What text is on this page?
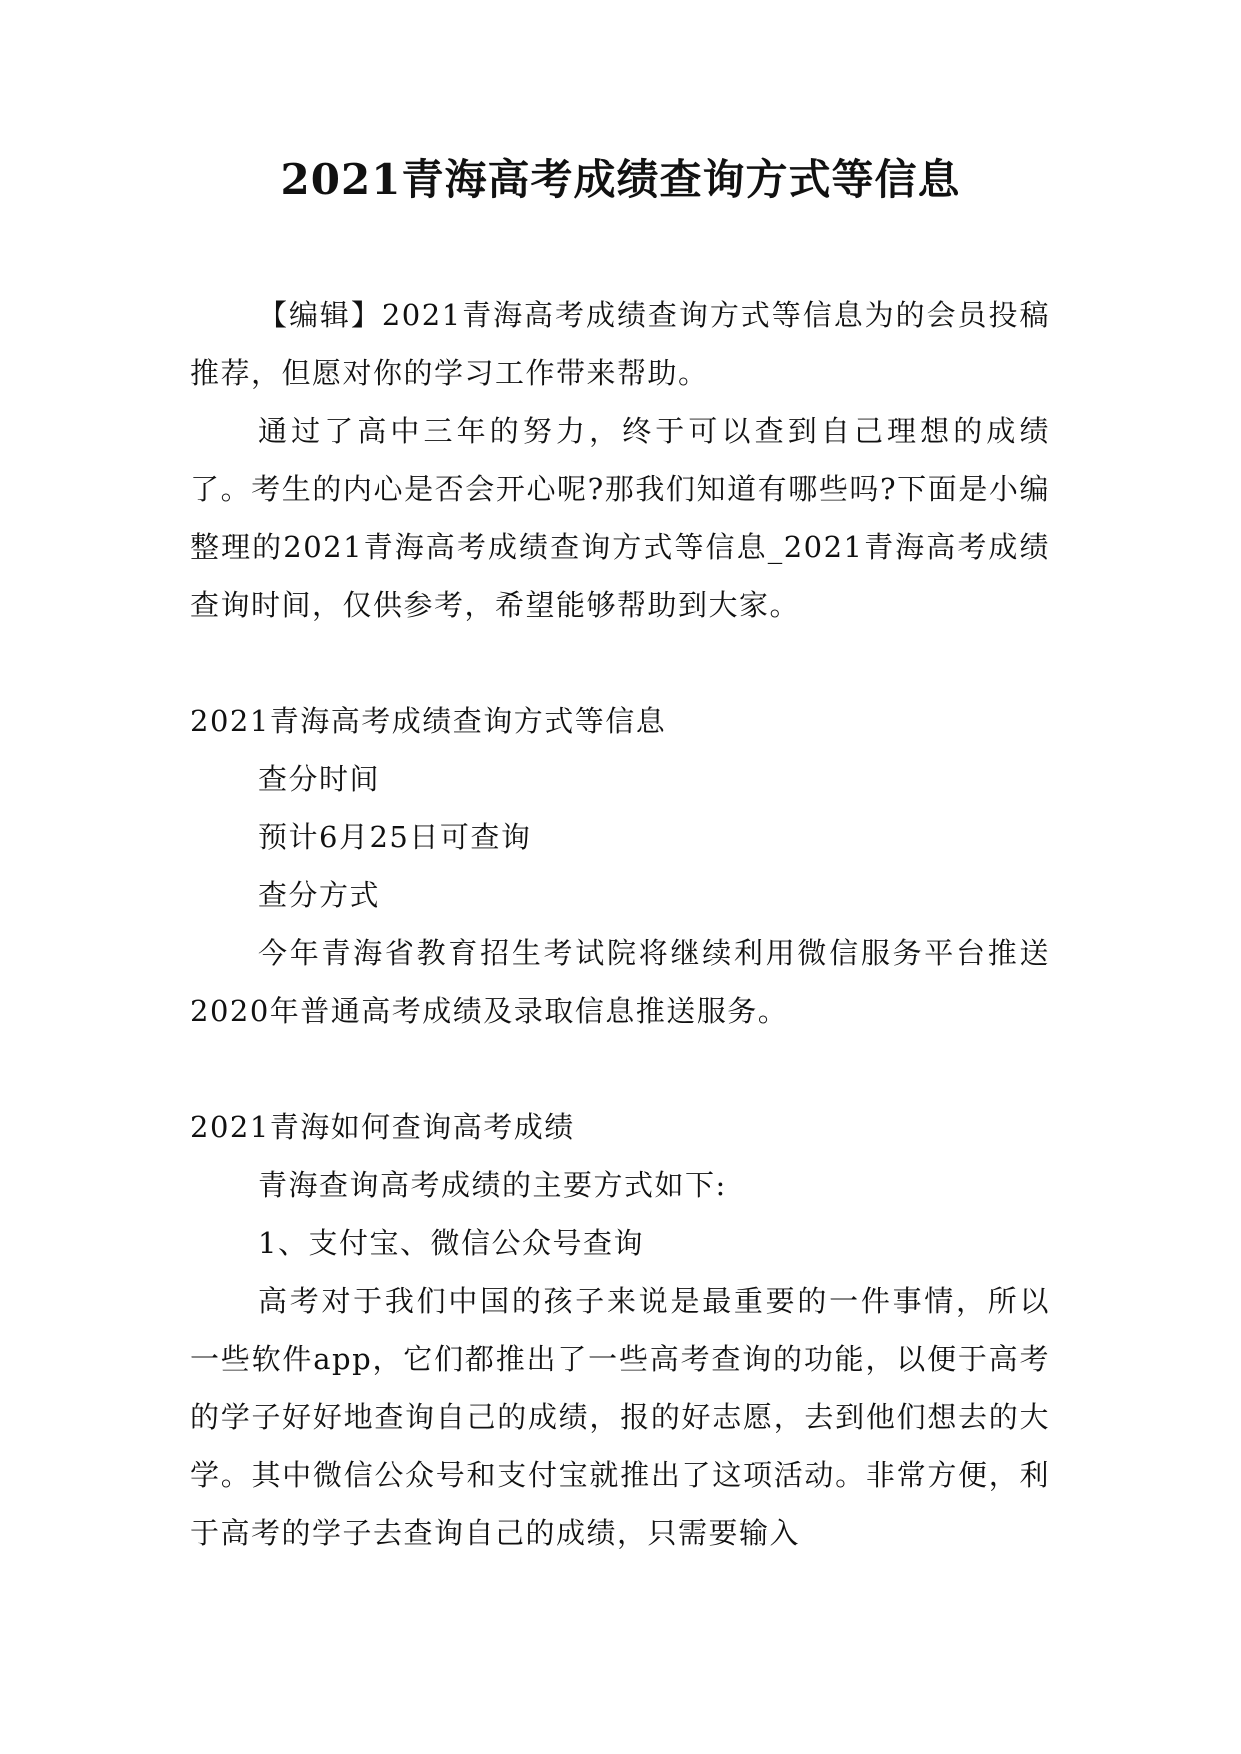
2021青海高考成绩查询方式等信息

【编辑】2021青海高考成绩查询方式等信息为的会员投稿推荐，但愿对你的学习工作带来帮助。

通过了高中三年的努力，终于可以查到自己理想的成绩了。考生的内心是否会开心呢?那我们知道有哪些吗?下面是小编整理的2021青海高考成绩查询方式等信息_2021青海高考成绩查询时间，仅供参考，希望能够帮助到大家。

2021青海高考成绩查询方式等信息

查分时间

预计6月25日可查询

查分方式

今年青海省教育招生考试院将继续利用微信服务平台推送2020年普通高考成绩及录取信息推送服务。

2021青海如何查询高考成绩

青海查询高考成绩的主要方式如下:

1、支付宝、微信公众号查询

高考对于我们中国的孩子来说是最重要的一件事情，所以一些软件app，它们都推出了一些高考查询的功能，以便于高考的学子好好地查询自己的成绩，报的好志愿，去到他们想去的大学。其中微信公众号和支付宝就推出了这项活动。非常方便，利于高考的学子去查询自己的成绩，只需要输入
